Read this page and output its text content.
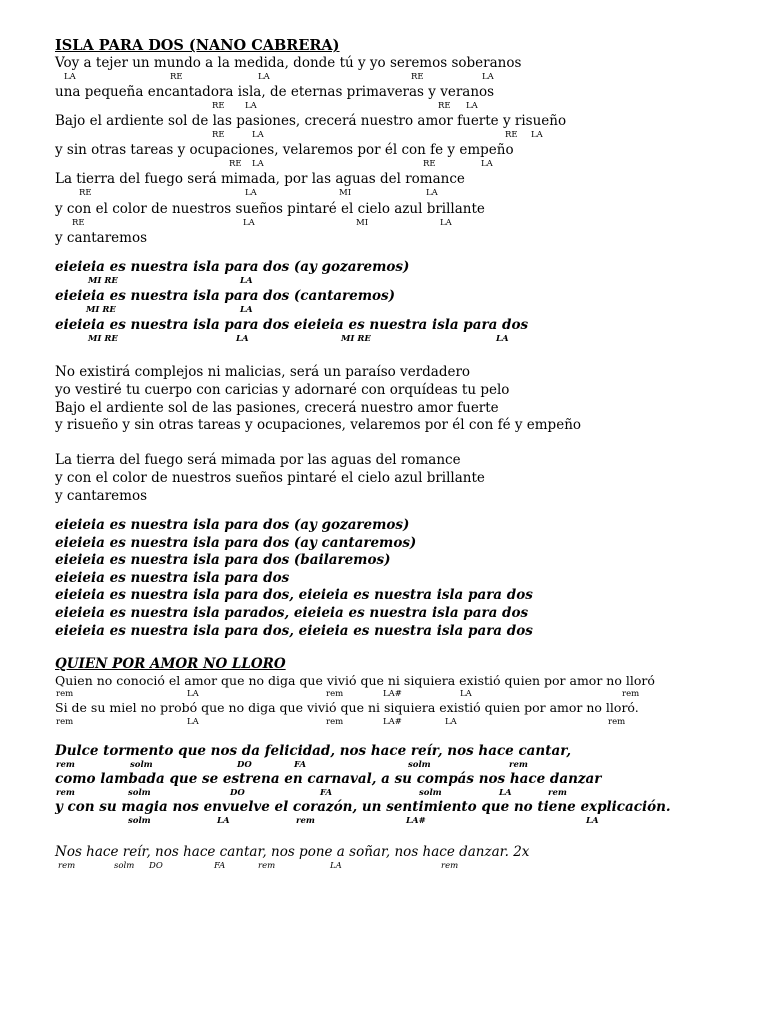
ISLA PARA DOS (NANO CABRERA)
Voy a tejer un mundo a la medida, donde tú y yo seremos soberanos
LA	RE	LA	RE	LA
una pequeña encantadora isla, de eternas primaveras y veranos
RE LA	RE LA
Bajo el ardiente sol de las pasiones, crecerá nuestro amor fuerte y risueño
RE	LA	RE LA
y sin otras tareas y ocupaciones, velaremos por él con fe y empeño
RE LA	RE	LA
La tierra del fuego será mimada, por las aguas del romance
RE	LA	MI	LA
y con el color de nuestros sueños pintaré el cielo azul brillante
RE	LA	MI	LA
y cantaremos
eieieia es nuestra isla para dos (ay gozaremos)
MI RE	LA
eieieia es nuestra isla para dos (cantaremos)
MI RE	LA
eieieia es nuestra isla para dos eieieia es nuestra isla para dos
MI RE	LA	MI RE	LA
No existirá complejos ni malicias, será un paraíso verdadero
yo vestiré tu cuerpo con caricias y adornaré con orquídeas tu pelo
Bajo el ardiente sol de las pasiones, crecerá nuestro amor fuerte
y risueño y sin otras tareas y ocupaciones, velaremos por él con fé y empeño
La tierra del fuego será mimada por las aguas del romance
y con el color de nuestros sueños pintaré el cielo azul brillante
y cantaremos
eieieia es nuestra isla para dos (ay gozaremos)
eieieia es nuestra isla para dos (ay cantaremos)
eieieia es nuestra isla para dos (bailaremos)
eieieia es nuestra isla para dos
eieieia es nuestra isla para dos, eieieia es nuestra isla para dos
eieieia es nuestra isla parados, eieieia es nuestra isla para dos
eieieia es nuestra isla para dos, eieieia es nuestra isla para dos
QUIEN POR AMOR NO LLORO
Quien no conoció el amor que no diga que vivió que ni siquiera existió quien por amor no lloró
rem	LA	rem	LA#	LA	rem
Si de su miel no probó que no diga que vivió que ni siquiera existió quien por amor no lloró.
rem	LA	rem	LA#	LA	rem
Dulce tormento que nos da felicidad, nos hace reír, nos hace cantar,
rem	solm	DO	FA	solm	rem
como lambada que se estrena en carnaval, a su compás nos hace danzar
rem	solm	DO	FA	solm	LA	rem
y con su magia nos envuelve el corazón, un sentimiento que no tiene explicación.
solm	LA	rem	LA#	LA
Nos hace reír, nos hace cantar, nos pone a soñar, nos hace danzar. 2x
rem	solm DO	FA	rem	LA	rem
